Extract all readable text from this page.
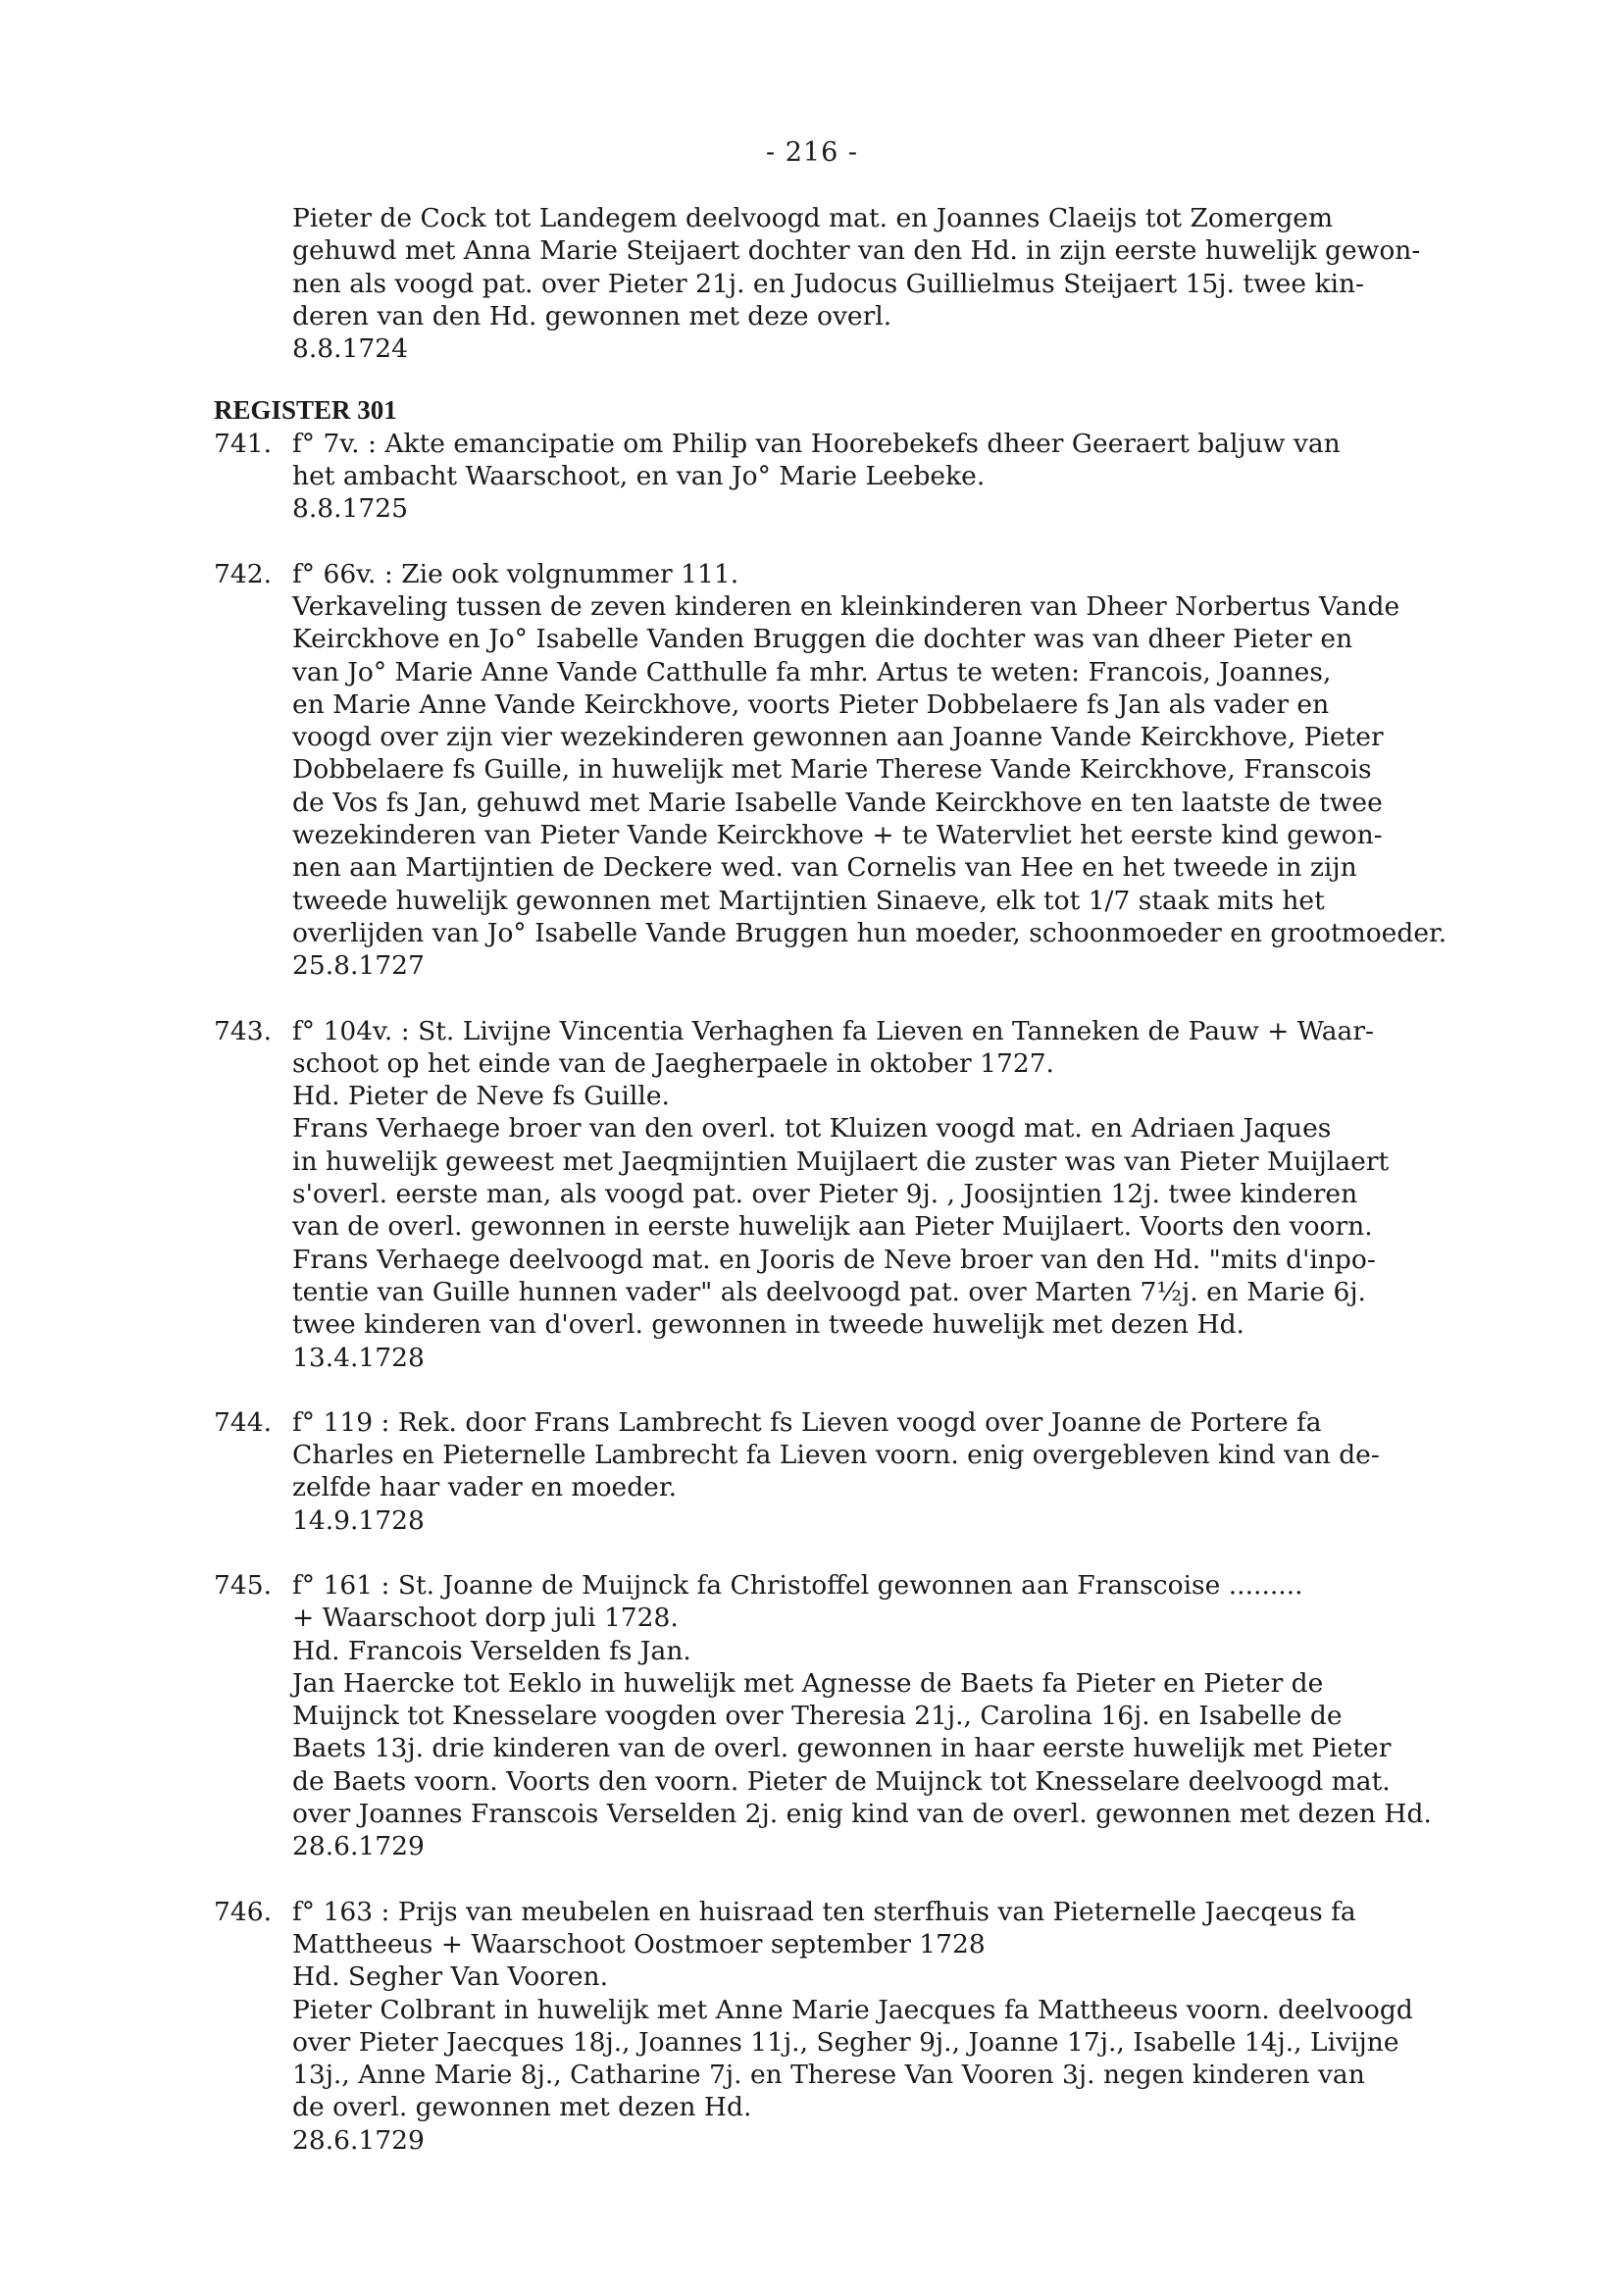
- 216 -
Pieter de Cock tot Landegem deelvoogd mat. en Joannes Claeijs tot Zomergem
gehuwd met Anna Marie Steijaert dochter van den Hd. in zijn eerste huwelijk gewon-
nen als voogd pat. over Pieter 21j. en Judocus Guillielmus Steijaert 15j. twee kin-
deren van den Hd. gewonnen met deze overl.
8.8.1724
REGISTER 301
741. f° 7v. : Akte emancipatie om Philip van Hoorebekefs dheer Geeraert baljuw van
het ambacht Waarschoot, en van Jo° Marie Leebeke.
8.8.1725
742. f° 66v. : Zie ook volgnummer 111.
Verkaveling tussen de zeven kinderen en kleinkinderen van Dheer Norbertus Vande
Keirckhove en Jo° Isabelle Vanden Bruggen die dochter was van dheer Pieter en
van Jo° Marie Anne Vande Catthulle fa mhr. Artus te weten: Francois, Joannes,
en Marie Anne Vande Keirckhove, voorts Pieter Dobbelaere fs Jan als vader en
voogd over zijn vier wezekinderen gewonnen aan Joanne Vande Keirckhove, Pieter
Dobbelaere fs Guille, in huwelijk met Marie Therese Vande Keirckhove, Franscois
de Vos fs Jan, gehuwd met Marie Isabelle Vande Keirckhove en ten laatste de twee
wezekinderen van Pieter Vande Keirckhove + te Watervliet het eerste kind gewon-
nen aan Martijntien de Deckere wed. van Cornelis van Hee en het tweede in zijn
tweede huwelijk gewonnen met Martijntien Sinaeve, elk tot 1/7 staak mits het
overlijden van Jo° Isabelle Vande Bruggen hun moeder, schoonmoeder en grootmoeder.
25.8.1727
743. f° 104v. : St. Livijne Vincentia Verhaghen fa Lieven en Tanneken de Pauw + Waar-
schoot op het einde van de Jaegherpaele in oktober 1727.
Hd. Pieter de Neve fs Guille.
Frans Verhaege broer van den overl. tot Kluizen voogd mat. en Adriaen Jaques
in huwelijk geweest met Jaeqmijntien Muijlaert die zuster was van Pieter Muijlaert
s'overl. eerste man, als voogd pat. over Pieter 9j. , Joosijntien 12j. twee kinderen
van de overl. gewonnen in eerste huwelijk aan Pieter Muijlaert. Voorts den voorn.
Frans Verhaege deelvoogd mat. en Jooris de Neve broer van den Hd. "mits d'inpo-
tentie van Guille hunnen vader" als deelvoogd pat. over Marten 7½j. en Marie 6j.
twee kinderen van d'overl. gewonnen in tweede huwelijk met dezen Hd.
13.4.1728
744. f° 119 : Rek. door Frans Lambrecht fs Lieven voogd over Joanne de Portere fa
Charles en Pieternelle Lambrecht fa Lieven voorn. enig overgebleven kind van de-
zelfde haar vader en moeder.
14.9.1728
745. f° 161 : St. Joanne de Muijnck fa Christoffel gewonnen aan Franscoise .........
+ Waarschoot dorp juli 1728.
Hd. Francois Verselden fs Jan.
Jan Haercke tot Eeklo in huwelijk met Agnesse de Baets fa Pieter en Pieter de
Muijnck tot Knesselare voogden over Theresia 21j., Carolina 16j. en Isabelle de
Baets 13j. drie kinderen van de overl. gewonnen in haar eerste huwelijk met Pieter
de Baets voorn. Voorts den voorn. Pieter de Muijnck tot Knesselare deelvoogd mat.
over Joannes Franscois Verselden 2j. enig kind van de overl. gewonnen met dezen Hd.
28.6.1729
746. f° 163 : Prijs van meubelen en huisraad ten sterfhuis van Pieternelle Jaecqeus fa
Mattheeus + Waarschoot Oostmoer september 1728
Hd. Segher Van Vooren.
Pieter Colbrant in huwelijk met Anne Marie Jaecques fa Mattheeus voorn. deelvoogd
over Pieter Jaecques 18j., Joannes 11j., Segher 9j., Joanne 17j., Isabelle 14j., Livijne
13j., Anne Marie 8j., Catharine 7j. en Therese Van Vooren 3j. negen kinderen van
de overl. gewonnen met dezen Hd.
28.6.1729
